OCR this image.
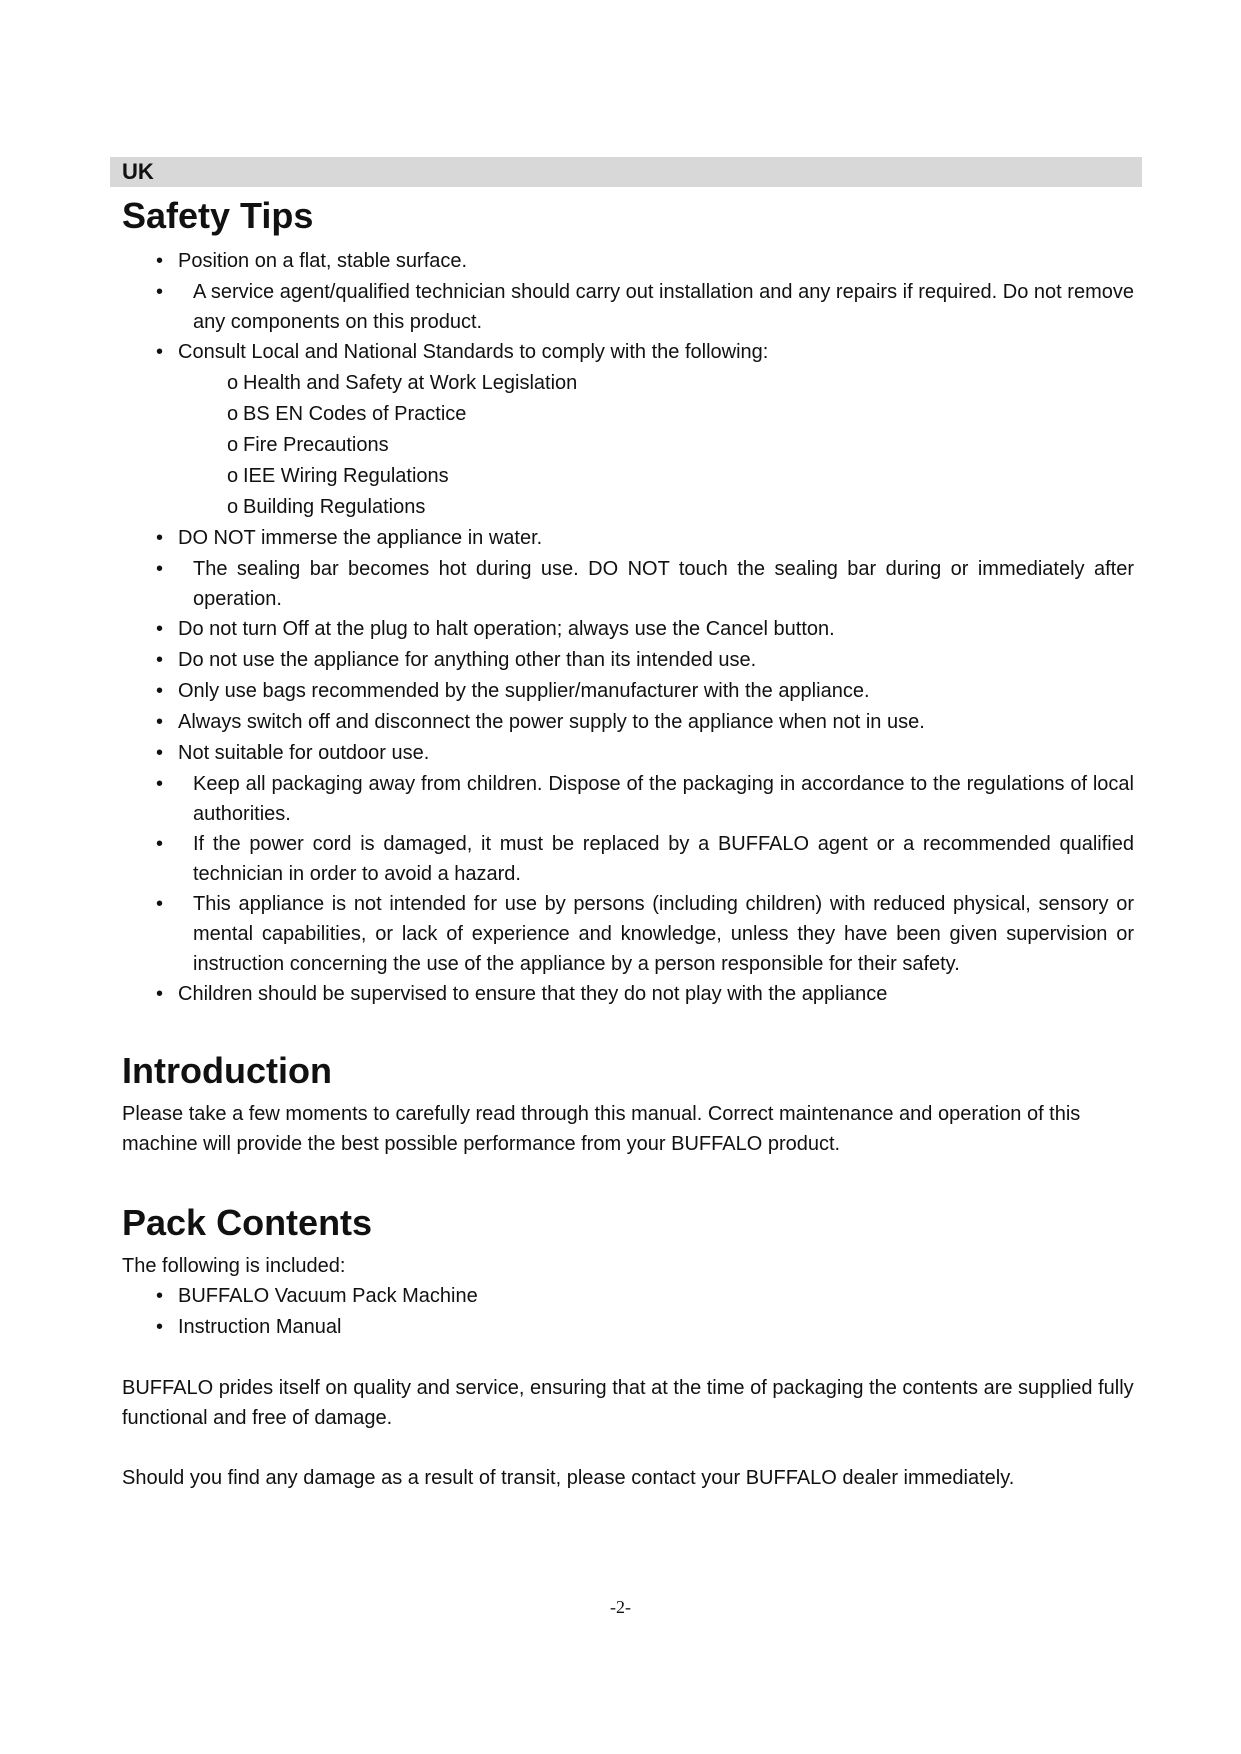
UK
Safety Tips
• Position on a flat, stable surface.
•	A service agent/qualified technician should carry out installation and any repairs if required. Do not remove any components on this product.
• Consult Local and National Standards to comply with the following:
o Health and Safety at Work Legislation
o BS EN Codes of Practice
o Fire Precautions
o IEE Wiring Regulations
o Building Regulations
• DO NOT immerse the appliance in water.
•	The sealing bar becomes hot during use. DO NOT touch the sealing bar during or immediately after operation.
• Do not turn Off at the plug to halt operation; always use the Cancel button.
• Do not use the appliance for anything other than its intended use.
• Only use bags recommended by the supplier/manufacturer with the appliance.
• Always switch off and disconnect the power supply to the appliance when not in use.
• Not suitable for outdoor use.
•	Keep all packaging away from children. Dispose of the packaging in accordance to the regulations of local authorities.
•	If the power cord is damaged, it must be replaced by a BUFFALO agent or a recommended qualified technician in order to avoid a hazard.
•	This appliance is not intended for use by persons (including children) with reduced physical, sensory or mental capabilities, or lack of experience and knowledge, unless they have been given supervision or instruction concerning the use of the appliance by a person responsible for their safety.
• Children should be supervised to ensure that they do not play with the appliance
Introduction

Please take a few moments to carefully read through this manual. Correct maintenance and operation of this machine will provide the best possible performance from your BUFFALO product.

Pack Contents

The following is included:

• BUFFALO Vacuum Pack Machine
• Instruction Manual

BUFFALO prides itself on quality and service, ensuring that at the time of packaging the contents are supplied fully functional and free of damage.

Should you find any damage as a result of transit, please contact your BUFFALO dealer immediately.

-2-
